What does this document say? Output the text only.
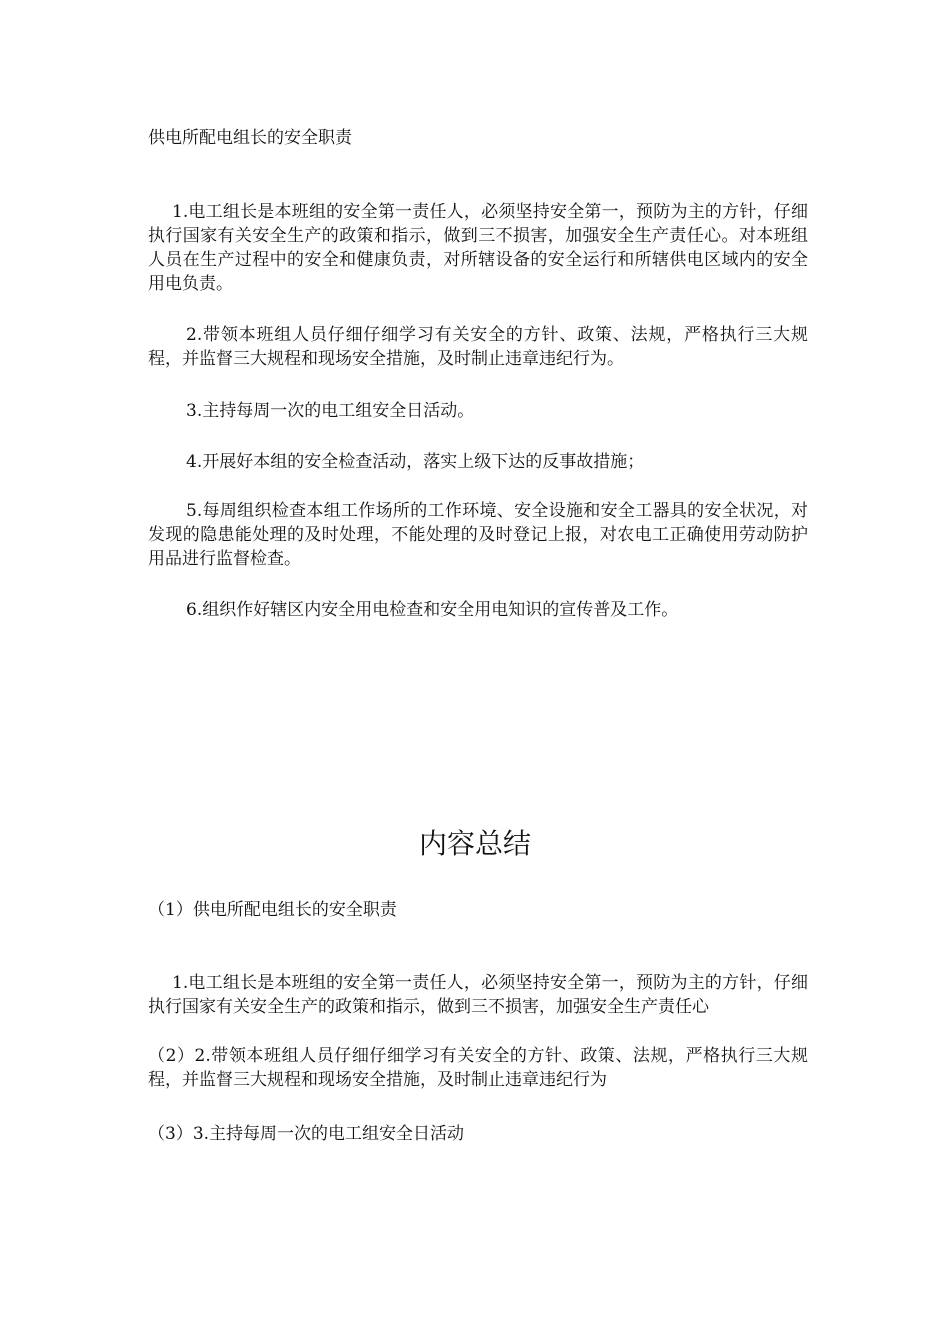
供电所配电组长的安全职责

1.电工组长是本班组的安全第一责任人，必须坚持安全第一，预防为主的方针，仔细执行国家有关安全生产的政策和指示，做到三不损害，加强安全生产责任心。对本班组人员在生产过程中的安全和健康负责，对所辖设备的安全运行和所辖供电区域内的安全用电负责。

2.带领本班组人员仔细仔细学习有关安全的方针、政策、法规，严格执行三大规程，并监督三大规程和现场安全措施，及时制止违章违纪行为。

3.主持每周一次的电工组安全日活动。

4.开展好本组的安全检查活动，落实上级下达的反事故措施；

5.每周组织检查本组工作场所的工作环境、安全设施和安全工器具的安全状况，对发现的隐患能处理的及时处理，不能处理的及时登记上报，对农电工正确使用劳动防护用品进行监督检查。

6.组织作好辖区内安全用电检查和安全用电知识的宣传普及工作。

内容总结

（1）供电所配电组长的安全职责

1.电工组长是本班组的安全第一责任人，必须坚持安全第一，预防为主的方针，仔细执行国家有关安全生产的政策和指示，做到三不损害，加强安全生产责任心

（2）2.带领本班组人员仔细仔细学习有关安全的方针、政策、法规，严格执行三大规程，并监督三大规程和现场安全措施，及时制止违章违纪行为

（3）3.主持每周一次的电工组安全日活动
